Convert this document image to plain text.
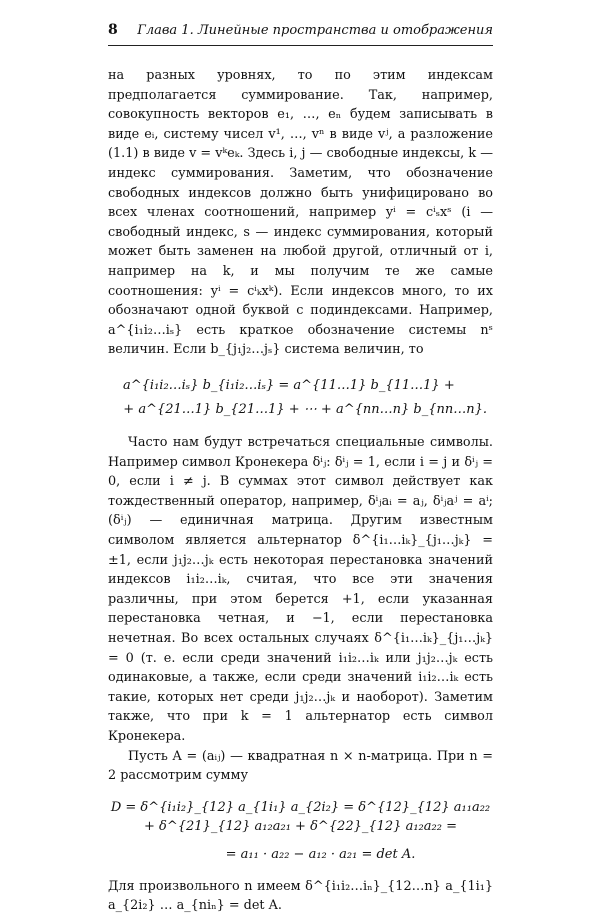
8 Глава 1. Линейные пространства и отображения

на разных уровнях, то по этим индексам предполагается суммирование. Так, например, совокупность векторов e₁, …, eₙ будем записывать в виде eᵢ, систему чисел v¹, …, vⁿ в виде vʲ, а разложение (1.1) в виде v = vᵏeₖ. Здесь i, j — свободные индексы, k — индекс суммирования. Заметим, что обозначение свободных индексов должно быть унифицировано во всех членах соотношений, например yⁱ = cⁱₛxˢ (i — свободный индекс, s — индекс суммирования, который может быть заменен на любой другой, отличный от i, например на k, и мы получим те же самые соотношения: yⁱ = cⁱₖxᵏ). Если индексов много, то их обозначают одной буквой с подиндексами. Например, a^{i₁i₂…iₛ} есть краткое обозначение системы nˢ величин. Если b_{j₁j₂…jₛ} система величин, то

a^{i₁i₂…iₛ} b_{i₁i₂…iₛ} = a^{11…1} b_{11…1} +
+ a^{21…1} b_{21…1} + ⋯ + a^{nn…n} b_{nn…n}.

Часто нам будут встречаться специальные символы. Например символ Кронекера δⁱⱼ: δⁱⱼ = 1, если i = j и δⁱⱼ = 0, если i ≠ j. В суммах этот символ действует как тождественный оператор, например, δⁱⱼaᵢ = aⱼ, δⁱⱼaʲ = aⁱ; (δⁱⱼ) — единичная матрица. Другим известным символом является альтернатор δ^{i₁…iₖ}_{j₁…jₖ} = ±1, если j₁j₂…jₖ есть некоторая перестановка значений индексов i₁i₂…iₖ, считая, что все эти значения различны, при этом берется +1, если указанная перестановка четная, и −1, если перестановка нечетная. Во всех остальных случаях δ^{i₁…iₖ}_{j₁…jₖ} = 0 (т. е. если среди значений i₁i₂…iₖ или j₁j₂…jₖ есть одинаковые, а также, если среди значений i₁i₂…iₖ есть такие, которых нет среди j₁j₂…jₖ и наоборот). Заметим также, что при k = 1 альтернатор есть символ Кронекера.

Пусть A = (aᵢⱼ) — квадратная n × n-матрица. При n = 2 рассмотрим сумму

D = δ^{i₁i₂}_{12} a_{1i₁} a_{2i₂} = δ^{12}_{12} a₁₁a₂₂ + δ^{21}_{12} a₁₂a₂₁ + δ^{22}_{12} a₁₂a₂₂ =
= a₁₁ · a₂₂ − a₁₂ · a₂₁ = det A.

Для произвольного n имеем δ^{i₁i₂…iₙ}_{12…n} a_{1i₁} a_{2i₂} … a_{niₙ} = det A.
